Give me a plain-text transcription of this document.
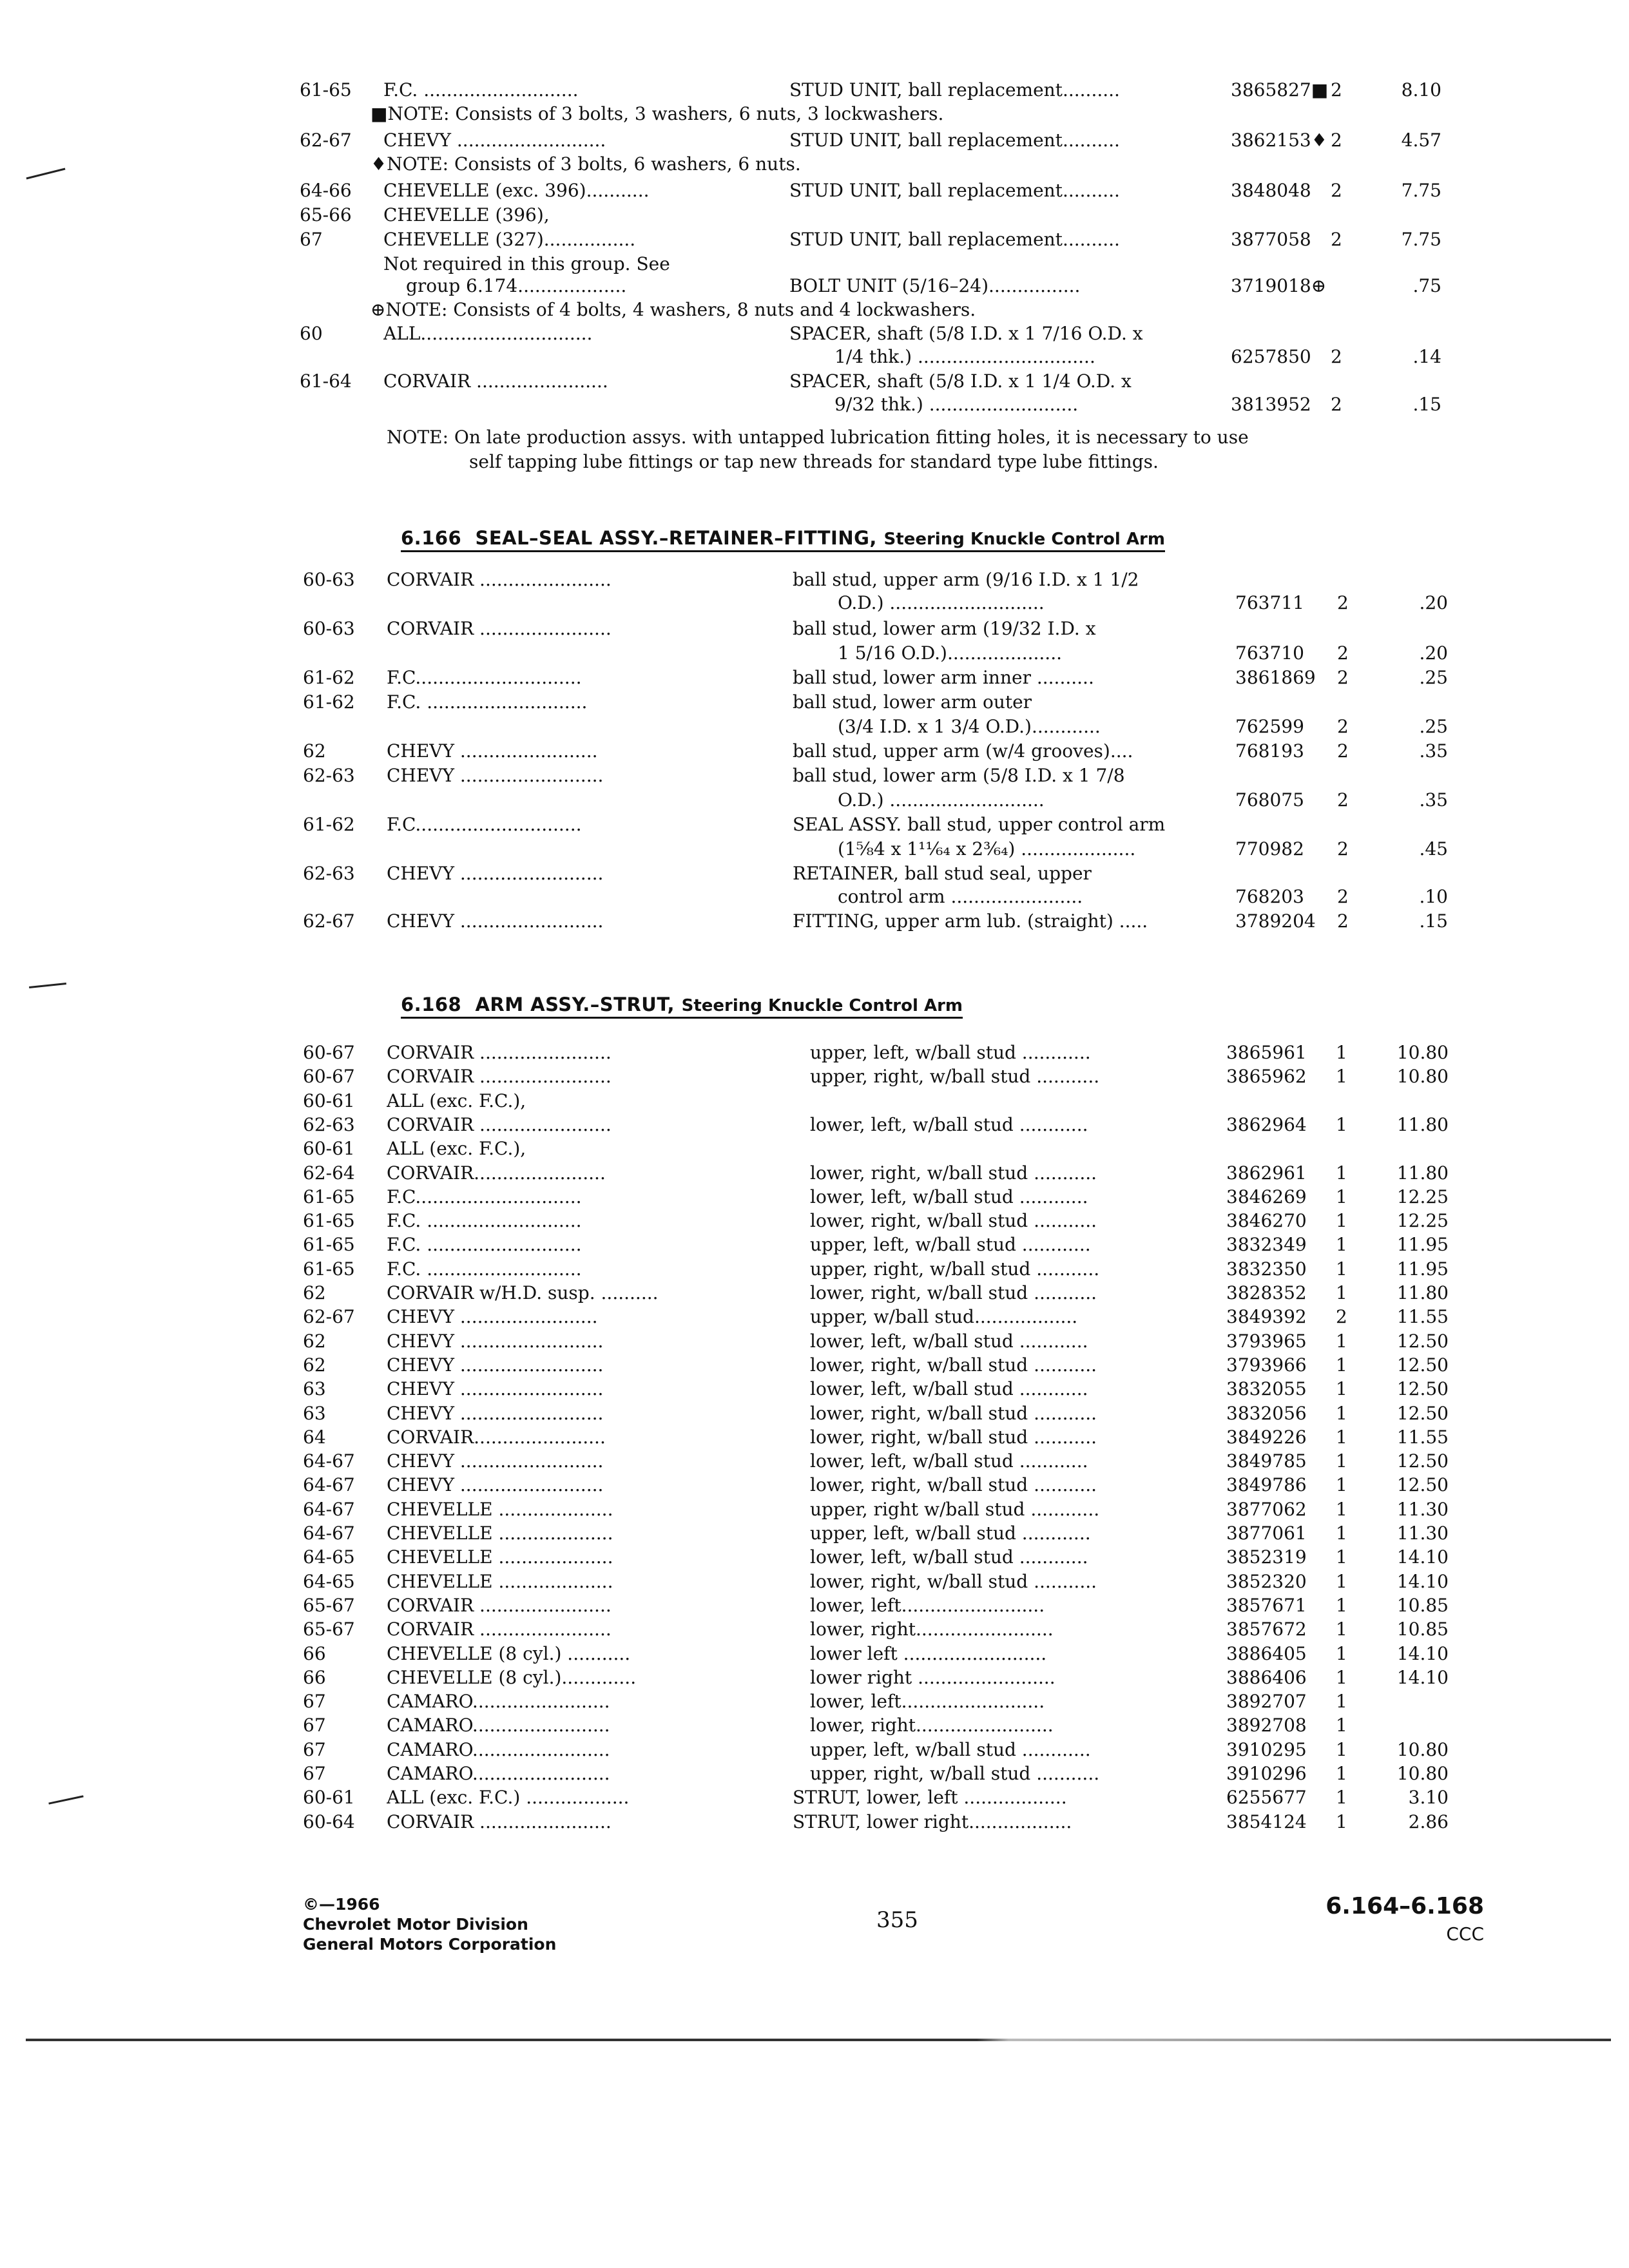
61-65 F.C. ...........................	STUD UNIT, ball replacement..........	3865827■ 2	8.10
■NOTE: Consists of 3 bolts, 3 washers, 6 nuts, 3 lockwashers.
62-67 CHEVY ..........................	STUD UNIT, ball replacement..........	3862153♦ 2	4.57
♦NOTE: Consists of 3 bolts, 6 washers, 6 nuts.
64-66 CHEVELLE (exc. 396)...........	STUD UNIT, ball replacement..........	3848048 2	7.75
65-66 CHEVELLE (396),
67	CHEVELLE (327)................	STUD UNIT, ball replacement..........	3877058 2	7.75
Not required in this group. See
group 6.174...................	BOLT UNIT (5/16–24)................	3719018⊕	.75
⊕NOTE: Consists of 4 bolts, 4 washers, 8 nuts and 4 lockwashers.
60	ALL..............................	SPACER, shaft (5/8 I.D. x 1 7/16 O.D. x
1/4 thk.) ...............................	6257850 2	.14
61-64 CORVAIR .......................	SPACER, shaft (5/8 I.D. x 1 1/4 O.D. x
9/32 thk.) ..........................	3813952 2	.15
NOTE: On late production assys. with untapped lubrication fitting holes, it is necessary to use
self tapping lube fittings or tap new threads for standard type lube fittings.
6.166 SEAL–SEAL ASSY.–RETAINER–FITTING, Steering Knuckle Control Arm
60-63 CORVAIR .......................	ball stud, upper arm (9/16 I.D. x 1 1/2
O.D.) ...........................	763711 2	.20
60-63 CORVAIR .......................	ball stud, lower arm (19/32 I.D. x
1 5/16 O.D.)....................	763710 2	.20
61-62 F.C.............................	ball stud, lower arm inner ..........	3861869 2	.25
61-62 F.C. ............................	ball stud, lower arm outer
(3/4 I.D. x 1 3/4 O.D.)............	762599 2	.25
62	CHEVY ........................	ball stud, upper arm (w/4 grooves)....	768193 2	.35
62-63 CHEVY .........................	ball stud, lower arm (5/8 I.D. x 1 7/8
O.D.) ...........................	768075 2	.35
61-62 F.C.............................	SEAL ASSY. ball stud, upper control arm
(1⅝4 x 1¹¹⁄₆₄ x 2³⁄₆₄) ....................	770982 2	.45
62-63 CHEVY .........................	RETAINER, ball stud seal, upper
control arm .......................	768203 2	.10
62-67 CHEVY .........................	FITTING, upper arm lub. (straight) .....	3789204 2	.15
6.168 ARM ASSY.–STRUT, Steering Knuckle Control Arm
60-67 CORVAIR .......................	upper, left, w/ball stud ............	3865961 1	10.80
60-67 CORVAIR .......................	upper, right, w/ball stud ...........	3865962 1	10.80
60-61 ALL (exc. F.C.),
62-63 CORVAIR .......................	lower, left, w/ball stud ............	3862964 1	11.80
60-61 ALL (exc. F.C.),
62-64 CORVAIR.......................	lower, right, w/ball stud ...........	3862961 1	11.80
61-65 F.C.............................	lower, left, w/ball stud ............	3846269 1	12.25
61-65 F.C. ...........................	lower, right, w/ball stud ...........	3846270 1	12.25
61-65 F.C. ...........................	upper, left, w/ball stud ............	3832349 1	11.95
61-65 F.C. ...........................	upper, right, w/ball stud ...........	3832350 1	11.95
62	CORVAIR w/H.D. susp. ..........	lower, right, w/ball stud ...........	3828352 1	11.80
62-67 CHEVY ........................	upper, w/ball stud..................	3849392 2	11.55
62	CHEVY .........................	lower, left, w/ball stud ............	3793965 1	12.50
62	CHEVY .........................	lower, right, w/ball stud ...........	3793966 1	12.50
63	CHEVY .........................	lower, left, w/ball stud ............	3832055 1	12.50
63	CHEVY .........................	lower, right, w/ball stud ...........	3832056 1	12.50
64	CORVAIR.......................	lower, right, w/ball stud ...........	3849226 1	11.55
64-67 CHEVY .........................	lower, left, w/ball stud ............	3849785 1	12.50
64-67 CHEVY .........................	lower, right, w/ball stud ...........	3849786 1	12.50
64-67 CHEVELLE ....................	upper, right w/ball stud ............	3877062 1	11.30
64-67 CHEVELLE ....................	upper, left, w/ball stud ............	3877061 1	11.30
64-65 CHEVELLE ....................	lower, left, w/ball stud ............	3852319 1	14.10
64-65 CHEVELLE ....................	lower, right, w/ball stud ...........	3852320 1	14.10
65-67 CORVAIR .......................	lower, left.........................	3857671 1	10.85
65-67 CORVAIR .......................	lower, right........................	3857672 1	10.85
66	CHEVELLE (8 cyl.) ...........	lower left .........................	3886405 1	14.10
66	CHEVELLE (8 cyl.).............	lower right ........................	3886406 1	14.10
67	CAMARO........................	lower, left.........................	3892707 1
67	CAMARO........................	lower, right........................	3892708 1
67	CAMARO........................	upper, left, w/ball stud ............	3910295 1	10.80
67	CAMARO........................	upper, right, w/ball stud ...........	3910296 1	10.80
60-61 ALL (exc. F.C.) ..................	STRUT, lower, left ..................	6255677 1	3.10
60-64 CORVAIR .......................	STRUT, lower right..................	3854124 1	2.86
©—1966
Chevrolet Motor Division
General Motors Corporation
355
6.164–6.168
CCC
